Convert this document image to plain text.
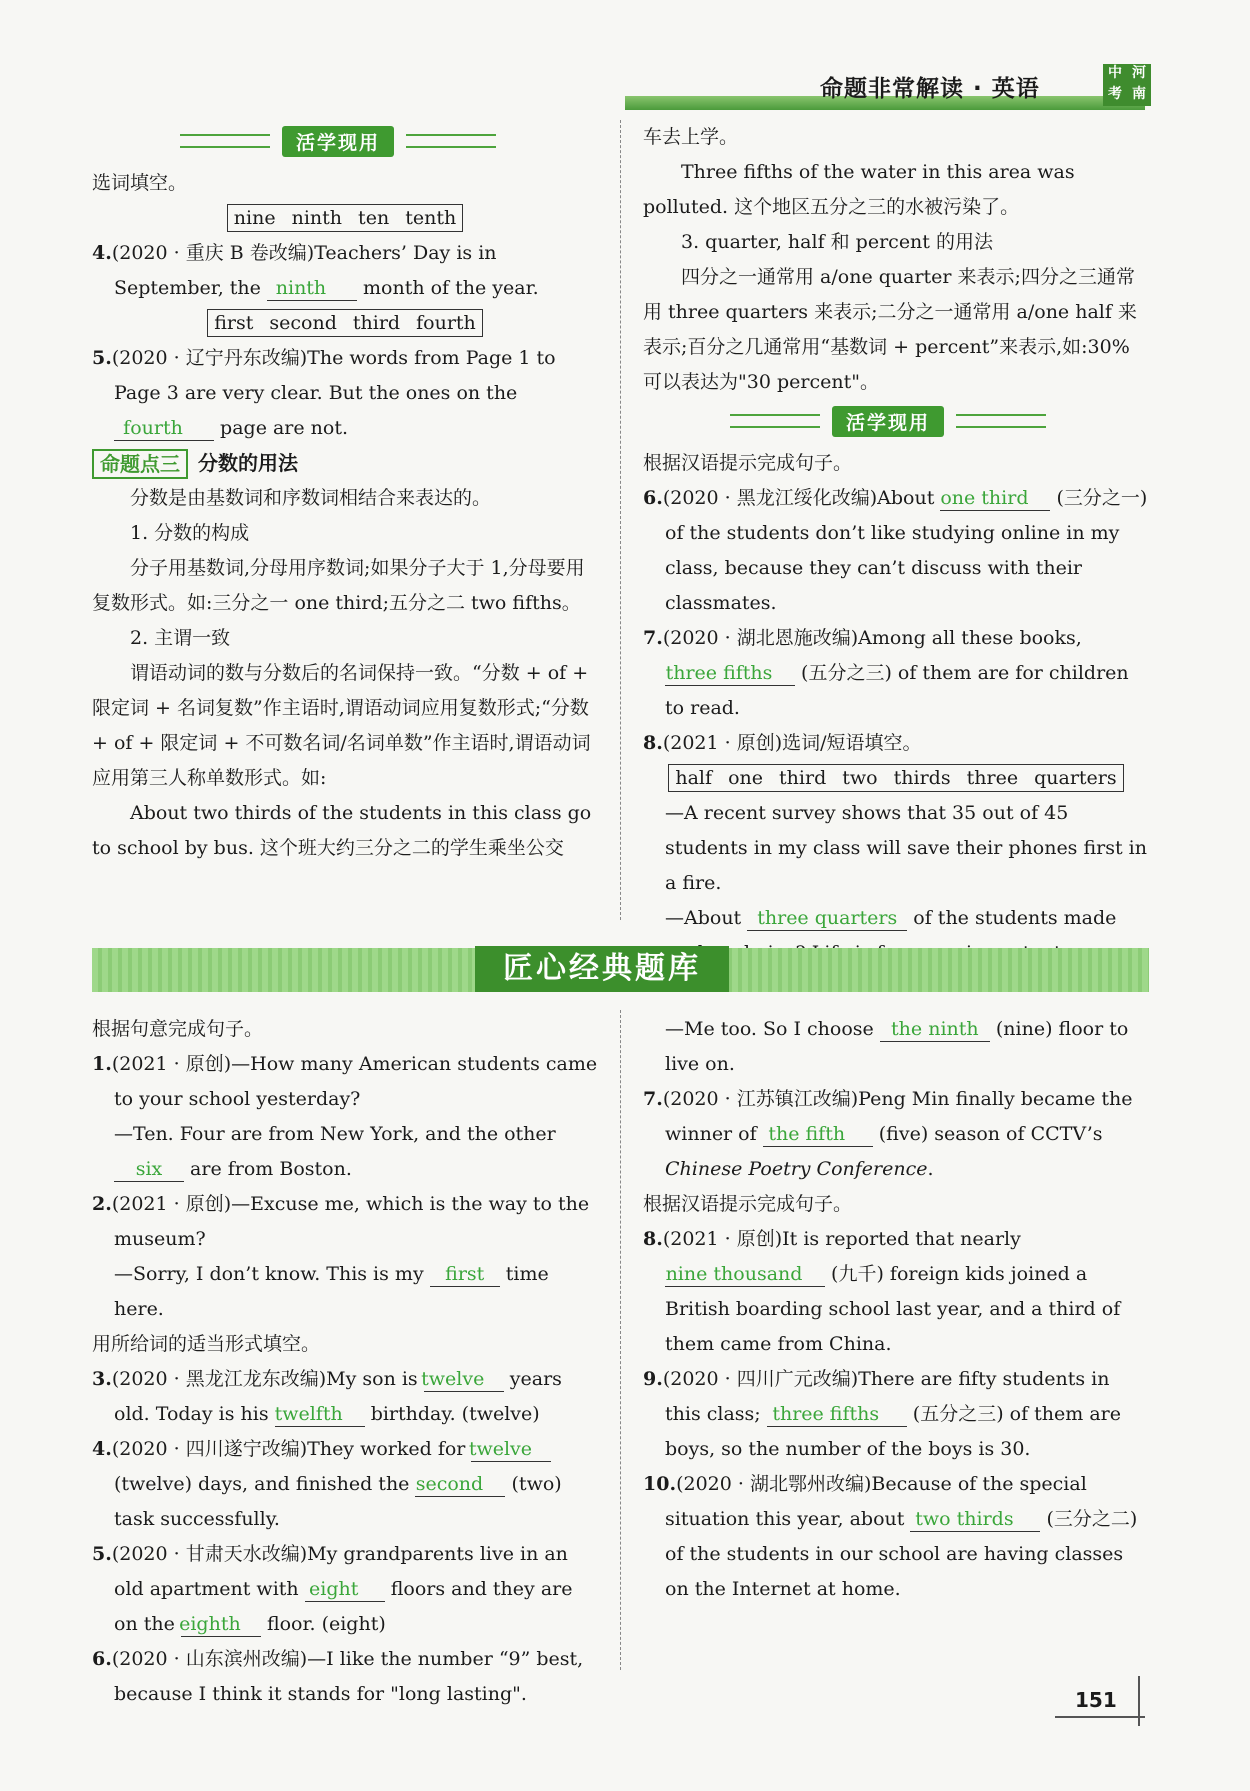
命题非常解读 · 英语
中 河
考 南
活学现用

选词填空。

nine ninth ten tenth

4.(2020 · 重庆 B 卷改编)Teachers’ Day is in September, the ninth month of the year.

first second third fourth

5.(2020 · 辽宁丹东改编)The words from Page 1 to Page 3 are very clear. But the ones on the fourth page are not.

命题点三 分数的用法

分数是由基数词和序数词相结合来表达的。

1. 分数的构成

分子用基数词,分母用序数词;如果分子大于 1,分母要用复数形式。如:三分之一 one third;五分之二 two fifths。

2. 主谓一致

谓语动词的数与分数后的名词保持一致。“分数 + of + 限定词 + 名词复数”作主语时,谓语动词应用复数形式;“分数 + of + 限定词 + 不可数名词/名词单数”作主语时,谓语动词应用第三人称单数形式。如:

About two thirds of the students in this class go to school by bus. 这个班大约三分之二的学生乘坐公交

车去上学。

Three fifths of the water in this area was polluted. 这个地区五分之三的水被污染了。

3. quarter, half 和 percent 的用法

四分之一通常用 a/one quarter 来表示;四分之三通常用 three quarters 来表示;二分之一通常用 a/one half 来表示;百分之几通常用“基数词 + percent”来表示,如:30% 可以表达为"30 percent"。

活学现用

根据汉语提示完成句子。

6.(2020 · 黑龙江绥化改编)About one third (三分之一) of the students don’t like studying online in my class, because they can’t discuss with their classmates.

7.(2020 · 湖北恩施改编)Among all these books, three fifths (五分之三) of them are for children to read.

8.(2021 · 原创)选词/短语填空。

half one third two thirds three quarters

—A recent survey shows that 35 out of 45 students in my class will save their phones first in a fire.

—About three quarters of the students made

匠心经典题库

根据句意完成句子。

1.(2021 · 原创)—How many American students came to your school yesterday?

—Ten. Four are from New York, and the other six are from Boston.

2.(2021 · 原创)—Excuse me, which is the way to the museum?

—Sorry, I don’t know. This is my first time here.

用所给词的适当形式填空。

3.(2020 · 黑龙江龙东改编)My son is twelve years old. Today is his twelfth birthday. (twelve)

4.(2020 · 四川遂宁改编)They worked for twelve (twelve) days, and finished the second (two) task successfully.

5.(2020 · 甘肃天水改编)My grandparents live in an old apartment with eight floors and they are on the eighth floor. (eight)

6.(2020 · 山东滨州改编)—I like the number “9” best, because I think it stands for "long lasting".

—Me too. So I choose the ninth (nine) floor to live on.

7.(2020 · 江苏镇江改编)Peng Min finally became the winner of the fifth (five) season of CCTV’s Chinese Poetry Conference.

根据汉语提示完成句子。

8.(2021 · 原创)It is reported that nearly nine thousand (九千) foreign kids joined a British boarding school last year, and a third of them came from China.

9.(2020 · 四川广元改编)There are fifty students in this class; three fifths (五分之三) of them are boys, so the number of the boys is 30.

10.(2020 · 湖北鄂州改编)Because of the special situation this year, about two thirds (三分之二) of the students in our school are having classes on the Internet at home.

151
